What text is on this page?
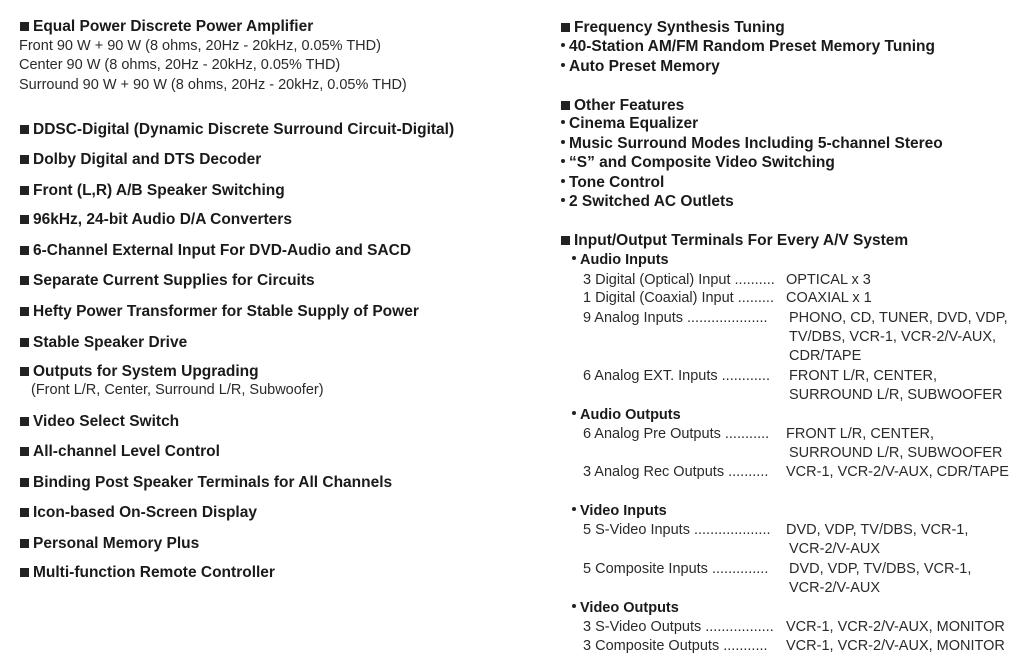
Equal Power Discrete Power Amplifier
Front 90 W + 90 W (8 ohms, 20Hz - 20kHz, 0.05% THD)
Center 90 W (8 ohms, 20Hz - 20kHz, 0.05% THD)
Surround 90 W + 90 W (8 ohms, 20Hz - 20kHz, 0.05% THD)
DDSC-Digital (Dynamic Discrete Surround Circuit-Digital)
Dolby Digital and DTS Decoder
Front (L,R) A/B Speaker Switching
96kHz, 24-bit Audio D/A Converters
6-Channel External Input For DVD-Audio and SACD
Separate Current Supplies for Circuits
Hefty Power Transformer for Stable Supply of Power
Stable Speaker Drive
Outputs for System Upgrading
(Front L/R, Center, Surround L/R, Subwoofer)
Video Select Switch
All-channel Level Control
Binding Post Speaker Terminals for All Channels
Icon-based On-Screen Display
Personal Memory Plus
Multi-function Remote Controller
Frequency Synthesis Tuning
40-Station AM/FM Random Preset Memory Tuning
Auto Preset Memory
Other Features
Cinema Equalizer
Music Surround Modes Including 5-channel Stereo
“S” and Composite Video Switching
Tone Control
2 Switched AC Outlets
Input/Output Terminals For Every A/V System
Audio Inputs
3 Digital (Optical) Input .......... OPTICAL x 3
1 Digital (Coaxial) Input ......... COAXIAL x 1
9 Analog Inputs .................... PHONO, CD, TUNER, DVD, VDP,
TV/DBS, VCR-1, VCR-2/V-AUX,
CDR/TAPE
6 Analog EXT. Inputs ............ FRONT L/R, CENTER,
SURROUND L/R, SUBWOOFER
Audio Outputs
6 Analog Pre Outputs ........... FRONT L/R, CENTER,
SURROUND L/R, SUBWOOFER
3 Analog Rec Outputs .......... VCR-1, VCR-2/V-AUX, CDR/TAPE
Video Inputs
5 S-Video Inputs ................... DVD, VDP, TV/DBS, VCR-1,
VCR-2/V-AUX
5 Composite Inputs .............. DVD, VDP, TV/DBS, VCR-1,
VCR-2/V-AUX
Video Outputs
3 S-Video Outputs ................. VCR-1, VCR-2/V-AUX, MONITOR
3 Composite Outputs ........... VCR-1, VCR-2/V-AUX, MONITOR
